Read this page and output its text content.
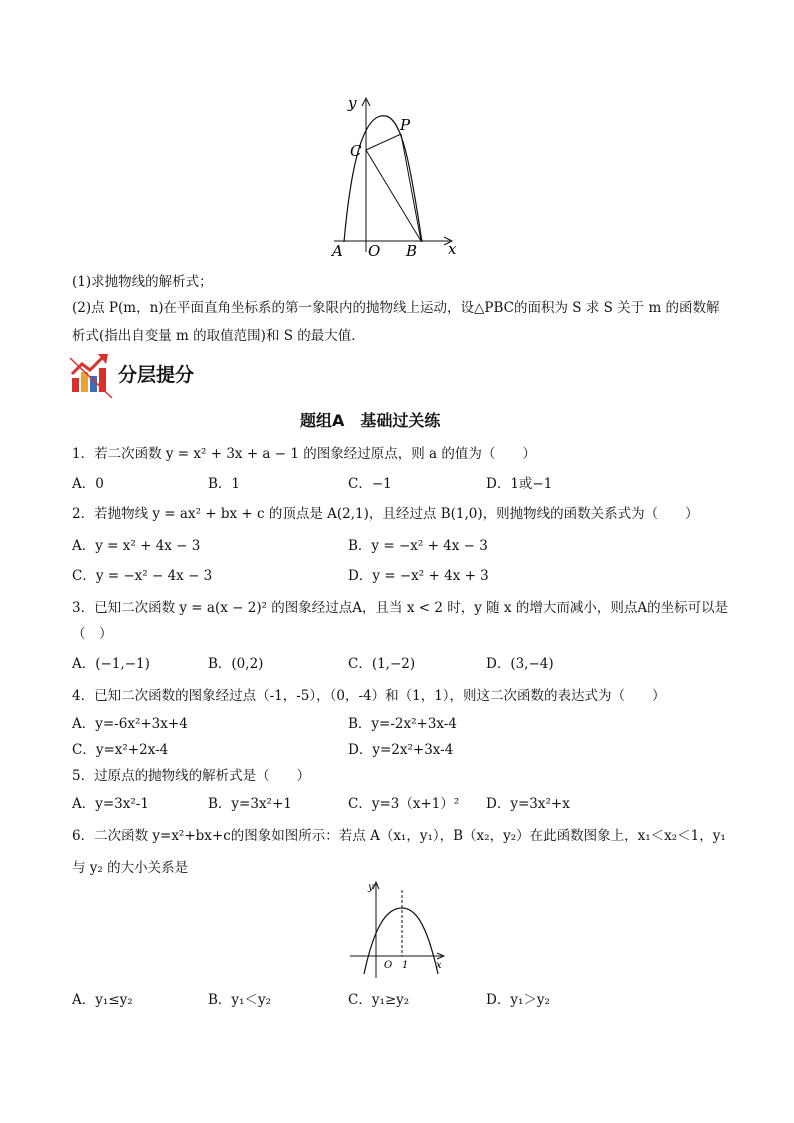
y
P
C
A O B x
(1)求抛物线的解析式；
(2)点 P(m，n)在平面直角坐标系的第一象限内的抛物线上运动，设△PBC的面积为 S 求 S 关于 m 的函数解
析式(指出自变量 m 的取值范围)和 S 的最大值．
分层提分
题组A　基础过关练
1．若二次函数 y = x² + 3x + a − 1 的图象经过原点，则 a 的值为（　　）
A．0	B．1	C．−1	D．1或−1
2．若抛物线 y = ax² + bx + c 的顶点是 A(2,1)，且经过点 B(1,0)，则抛物线的函数关系式为（　　）
A．y = x² + 4x − 3	B．y = −x² + 4x − 3
C．y = −x² − 4x − 3	D．y = −x² + 4x + 3
3．已知二次函数 y = a(x − 2)² 的图象经过点A，且当 x < 2 时，y 随 x 的增大而减小，则点A的坐标可以是
（　）
A．(−1,−1)	B．(0,2)	C．(1,−2)	D．(3,−4)
4．已知二次函数的图象经过点（-1，-5），（0，-4）和（1，1），则这二次函数的表达式为（　　）
A．y=-6x²+3x+4	B．y=-2x²+3x-4
C．y=x²+2x-4	D．y=2x²+3x-4
5．过原点的抛物线的解析式是（　　）
A．y=3x²-1	B．y=3x²+1	C．y=3（x+1）² D．y=3x²+x
6．二次函数 y=x²+bx+c的图象如图所示：若点 A（x₁，y₁），B（x₂，y₂）在此函数图象上，x₁＜x₂＜1，y₁
与 y₂ 的大小关系是
y
O 1	x
A．y₁≤y₂	B．y₁＜y₂	C．y₁≥y₂	D．y₁＞y₂
